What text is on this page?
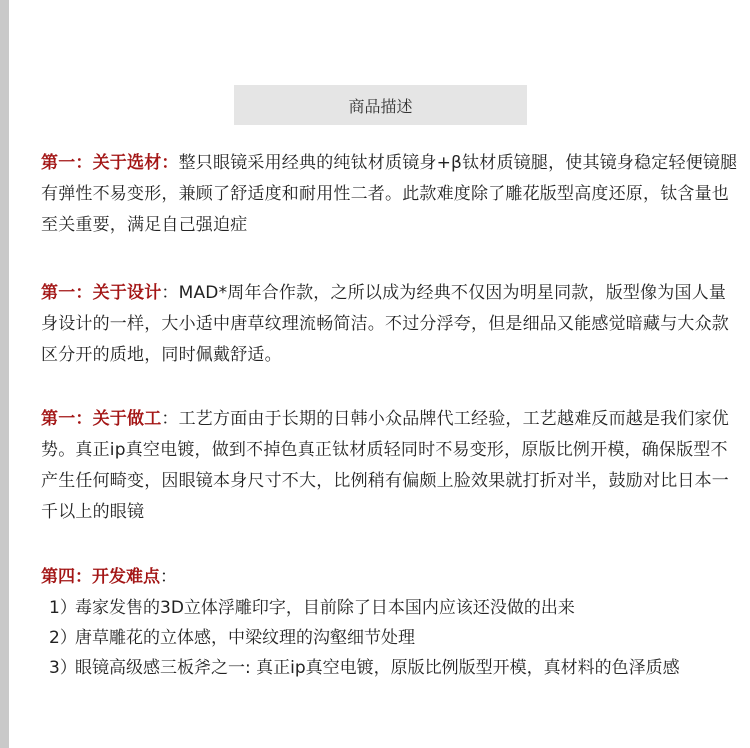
商品描述
第一：关于选材：整只眼镜采用经典的纯钛材质镜身+β钛材质镜腿，使其镜身稳定轻便镜腿有弹性不易变形，兼顾了舒适度和耐用性二者。此款难度除了雕花版型高度还原，钛含量也至关重要，满足自己强迫症
第一：关于设计：MAD*周年合作款，之所以成为经典不仅因为明星同款，版型像为国人量身设计的一样，大小适中唐草纹理流畅简洁。不过分浮夸，但是细品又能感觉暗藏与大众款区分开的质地，同时佩戴舒适。
第一：关于做工：工艺方面由于长期的日韩小众品牌代工经验，工艺越难反而越是我们家优势。真正ip真空电镀，做到不掉色真正钛材质轻同时不易变形，原版比例开模，确保版型不产生任何畸变，因眼镜本身尺寸不大，比例稍有偏颇上脸效果就打折对半，鼓励对比日本一千以上的眼镜
第四：开发难点：
1）
毒家发售的3D立体浮雕印字，目前除了日本国内应该还没做的出来
2）
唐草雕花的立体感，中梁纹理的沟壑细节处理
3）
眼镜高级感三板斧之一: 真正ip真空电镀，原版比例版型开模，真材料的色泽质感
